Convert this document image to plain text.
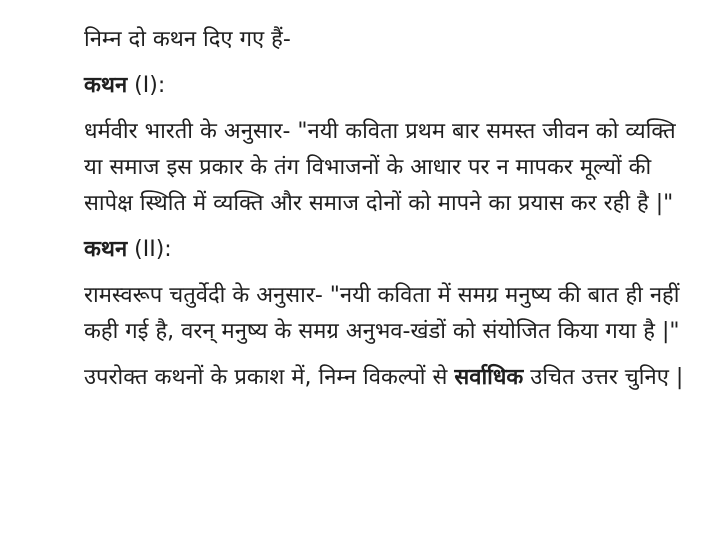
निम्न दो कथन दिए गए हैं-

कथन (I):

धर्मवीर भारती के अनुसार- "नयी कविता प्रथम बार समस्त जीवन को व्यक्ति या समाज इस प्रकार के तंग विभाजनों के आधार पर न मापकर मूल्यों की सापेक्ष स्थिति में व्यक्ति और समाज दोनों को मापने का प्रयास कर रही है |"

कथन (II):

रामस्वरूप चतुर्वेदी के अनुसार- "नयी कविता में समग्र मनुष्य की बात ही नहीं कही गई है, वरन् मनुष्य के समग्र अनुभव-खंडों को संयोजित किया गया है |"

उपरोक्त कथनों के प्रकाश में, निम्न विकल्पों से सर्वाधिक उचित उत्तर चुनिए |
